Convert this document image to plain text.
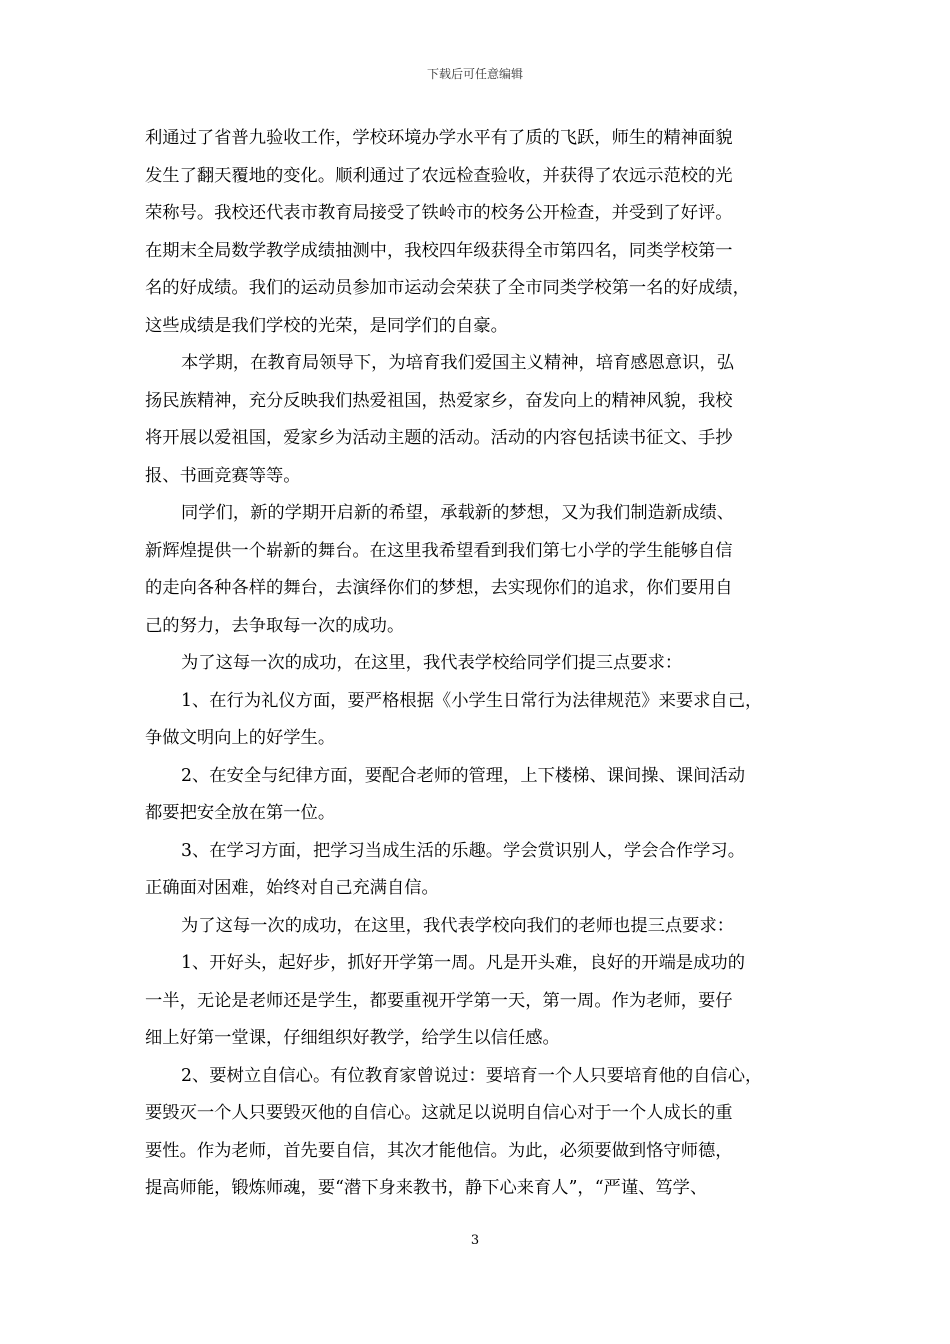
下载后可任意编辑
利通过了省普九验收工作，学校环境办学水平有了质的飞跃，师生的精神面貌
发生了翻天覆地的变化。顺利通过了农远检查验收，并获得了农远示范校的光
荣称号。我校还代表市教育局接受了铁岭市的校务公开检查，并受到了好评。
在期末全局数学教学成绩抽测中，我校四年级获得全市第四名，同类学校第一
名的好成绩。我们的运动员参加市运动会荣获了全市同类学校第一名的好成绩，
这些成绩是我们学校的光荣，是同学们的自豪。
本学期，在教育局领导下，为培育我们爱国主义精神，培育感恩意识，弘
扬民族精神，充分反映我们热爱祖国，热爱家乡，奋发向上的精神风貌，我校
将开展以爱祖国，爱家乡为活动主题的活动。活动的内容包括读书征文、手抄
报、书画竞赛等等。
同学们，新的学期开启新的希望，承载新的梦想，又为我们制造新成绩、
新辉煌提供一个崭新的舞台。在这里我希望看到我们第七小学的学生能够自信
的走向各种各样的舞台，去演绎你们的梦想，去实现你们的追求，你们要用自
己的努力，去争取每一次的成功。
为了这每一次的成功，在这里，我代表学校给同学们提三点要求：
1、在行为礼仪方面，要严格根据《小学生日常行为法律规范》来要求自己，
争做文明向上的好学生。
2、在安全与纪律方面，要配合老师的管理，上下楼梯、课间操、课间活动
都要把安全放在第一位。
3、在学习方面，把学习当成生活的乐趣。学会赏识别人，学会合作学习。
正确面对困难，始终对自己充满自信。
为了这每一次的成功，在这里，我代表学校向我们的老师也提三点要求：
1、开好头，起好步，抓好开学第一周。凡是开头难，良好的开端是成功的
一半，无论是老师还是学生，都要重视开学第一天，第一周。作为老师，要仔
细上好第一堂课，仔细组织好教学，给学生以信任感。
2、要树立自信心。有位教育家曾说过：要培育一个人只要培育他的自信心，
要毁灭一个人只要毁灭他的自信心。这就足以说明自信心对于一个人成长的重
要性。作为老师，首先要自信，其次才能他信。为此，必须要做到恪守师德，
提高师能，锻炼师魂，要“潜下身来教书，静下心来育人”，“严谨、笃学、
3
